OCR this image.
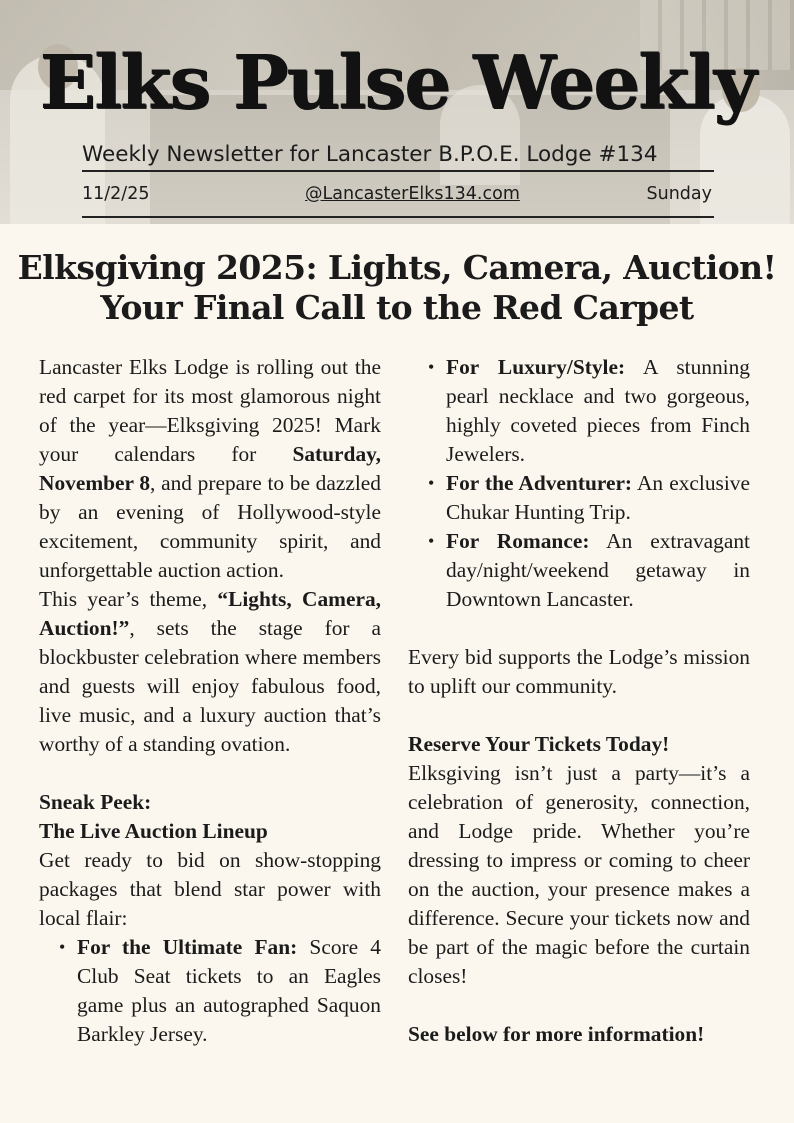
Elks Pulse Weekly
Weekly Newsletter for Lancaster B.P.O.E. Lodge #134
11/2/25	@LancasterElks134.com	Sunday
Elksgiving 2025: Lights, Camera, Auction!
Your Final Call to the Red Carpet

Lancaster Elks Lodge is rolling out the red carpet for its most glamorous night of the year—Elksgiving 2025! Mark your calendars for Saturday, November 8, and prepare to be dazzled by an evening of Hollywood-style excitement, community spirit, and unforgettable auction action.

This year’s theme, “Lights, Camera, Auction!”, sets the stage for a blockbuster celebration where members and guests will enjoy fabulous food, live music, and a luxury auction that’s worthy of a standing ovation.

Sneak Peek:

The Live Auction Lineup

Get ready to bid on show-stopping packages that blend star power with local flair:

• For the Ultimate Fan: Score 4 Club Seat tickets to an Eagles game plus an autographed Saquon Barkley Jersey.
• For Luxury/Style: A stunning pearl necklace and two gorgeous, highly coveted pieces from Finch Jewelers.
• For the Adventurer: An exclusive Chukar Hunting Trip.
• For Romance: An extravagant day/night/weekend getaway in Downtown Lancaster.

Every bid supports the Lodge’s mission to uplift our community.

Reserve Your Tickets Today!

Elksgiving isn’t just a party—it’s a celebration of generosity, connection, and Lodge pride. Whether you’re dressing to impress or coming to cheer on the auction, your presence makes a difference. Secure your tickets now and be part of the magic before the curtain closes!

See below for more information!
